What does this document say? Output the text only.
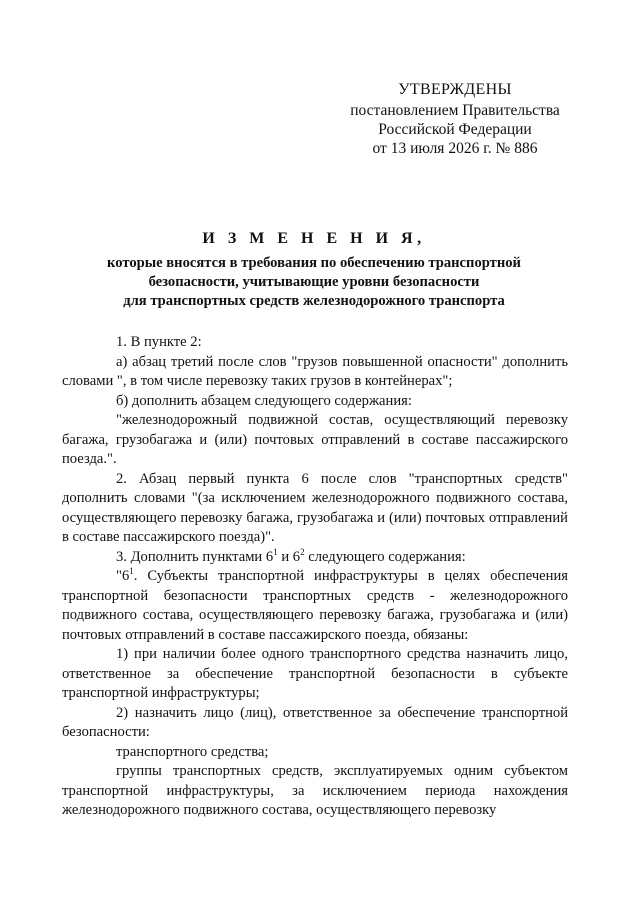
УТВЕРЖДЕНЫ
постановлением Правительства
Российской Федерации
от 13 июля 2026 г. № 886
И З М Е Н Е Н И Я,
которые вносятся в требования по обеспечению транспортной
безопасности, учитывающие уровни безопасности
для транспортных средств железнодорожного транспорта

1. В пункте 2:

а) абзац третий после слов "грузов повышенной опасности" дополнить словами ", в том числе перевозку таких грузов в контейнерах";

б) дополнить абзацем следующего содержания:

"железнодорожный подвижной состав, осуществляющий перевозку багажа, грузобагажа и (или) почтовых отправлений в составе пассажирского поезда.".

2. Абзац первый пункта 6 после слов "транспортных средств" дополнить словами "(за исключением железнодорожного подвижного состава, осуществляющего перевозку багажа, грузобагажа и (или) почтовых отправлений в составе пассажирского поезда)".

3. Дополнить пунктами $6^1$ и $6^2$ следующего содержания:

"$6^1$. Субъекты транспортной инфраструктуры в целях обеспечения транспортной безопасности транспортных средств - железнодорожного подвижного состава, осуществляющего перевозку багажа, грузобагажа и (или) почтовых отправлений в составе пассажирского поезда, обязаны:

1) при наличии более одного транспортного средства назначить лицо, ответственное за обеспечение транспортной безопасности в субъекте транспортной инфраструктуры;

2) назначить лицо (лиц), ответственное за обеспечение транспортной безопасности:

транспортного средства;

группы транспортных средств, эксплуатируемых одним субъектом транспортной инфраструктуры, за исключением периода нахождения железнодорожного подвижного состава, осуществляющего перевозку
